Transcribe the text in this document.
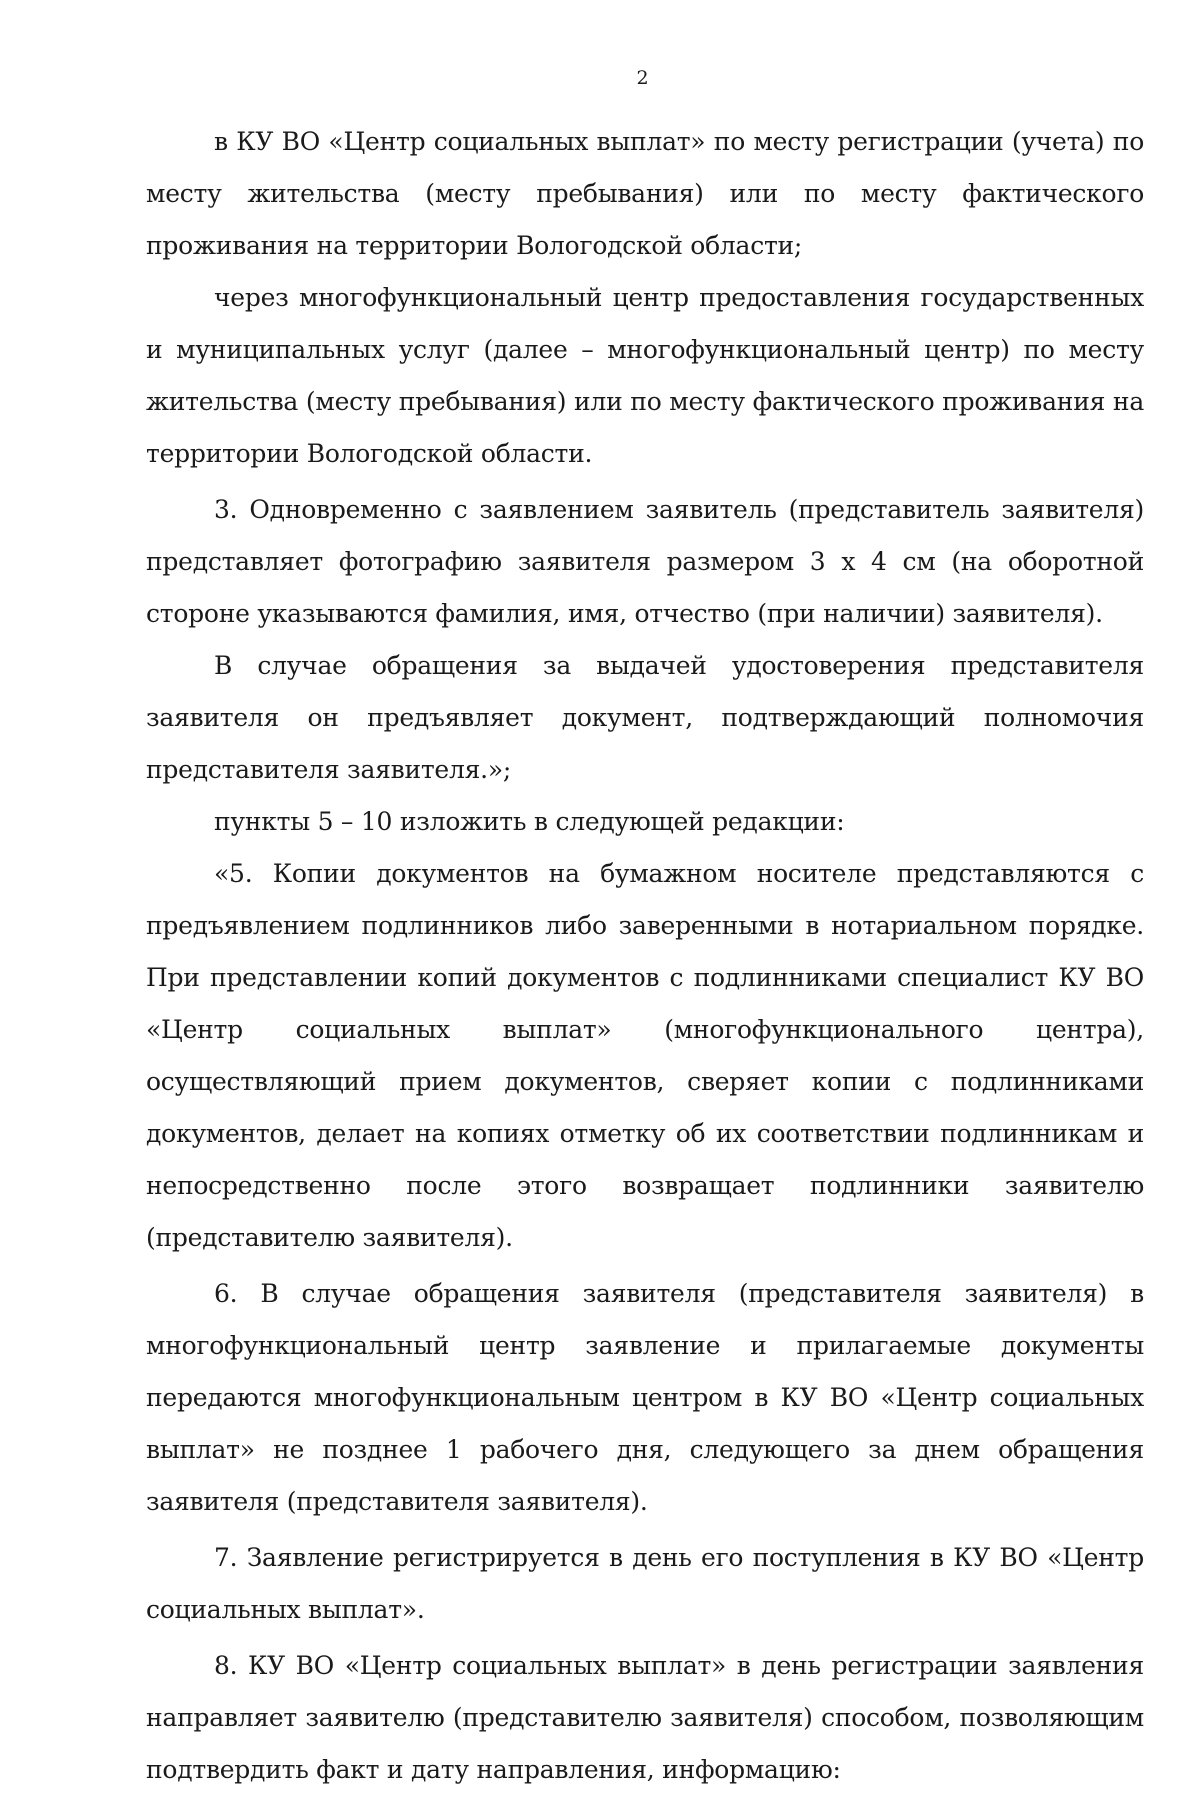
2

в КУ ВО «Центр социальных выплат» по месту регистрации (учета) по месту жительства (месту пребывания) или по месту фактического проживания на территории Вологодской области;

через многофункциональный центр предоставления государственных и муниципальных услуг (далее – многофункциональный центр) по месту жительства (месту пребывания) или по месту фактического проживания на территории Вологодской области.

3. Одновременно с заявлением заявитель (представитель заявителя) представляет фотографию заявителя размером 3 х 4 см (на оборотной стороне указываются фамилия, имя, отчество (при наличии) заявителя).

В случае обращения за выдачей удостоверения представителя заявителя он предъявляет документ, подтверждающий полномочия представителя заявителя.»;

пункты 5 – 10 изложить в следующей редакции:

«5. Копии документов на бумажном носителе представляются с предъявлением подлинников либо заверенными в нотариальном порядке. При представлении копий документов с подлинниками специалист КУ ВО «Центр социальных выплат» (многофункционального центра), осуществляющий прием документов, сверяет копии с подлинниками документов, делает на копиях отметку об их соответствии подлинникам и непосредственно после этого возвращает подлинники заявителю (представителю заявителя).

6. В случае обращения заявителя (представителя заявителя) в многофункциональный центр заявление и прилагаемые документы передаются многофункциональным центром в КУ ВО «Центр социальных выплат» не позднее 1 рабочего дня, следующего за днем обращения заявителя (представителя заявителя).

7. Заявление регистрируется в день его поступления в КУ ВО «Центр социальных выплат».

8. КУ ВО «Центр социальных выплат» в день регистрации заявления направляет заявителю (представителю заявителя) способом, позволяющим подтвердить факт и дату направления, информацию:
